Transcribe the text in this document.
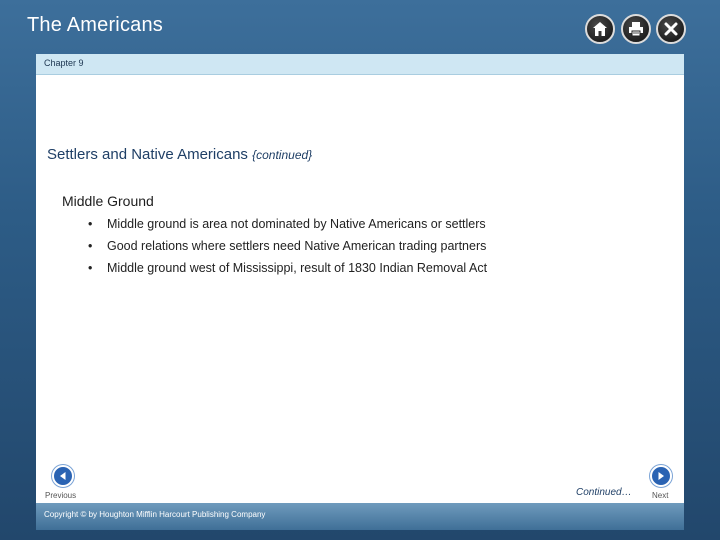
The Americans
Chapter 9
Settlers and Native Americans {continued}
Middle Ground
• Middle ground is area not dominated by Native Americans or settlers
• Good relations where settlers need Native American trading partners
• Middle ground west of Mississippi, result of 1830 Indian Removal Act
Previous	Continued…	Next
Copyright © by Houghton Mifflin Harcourt Publishing Company
